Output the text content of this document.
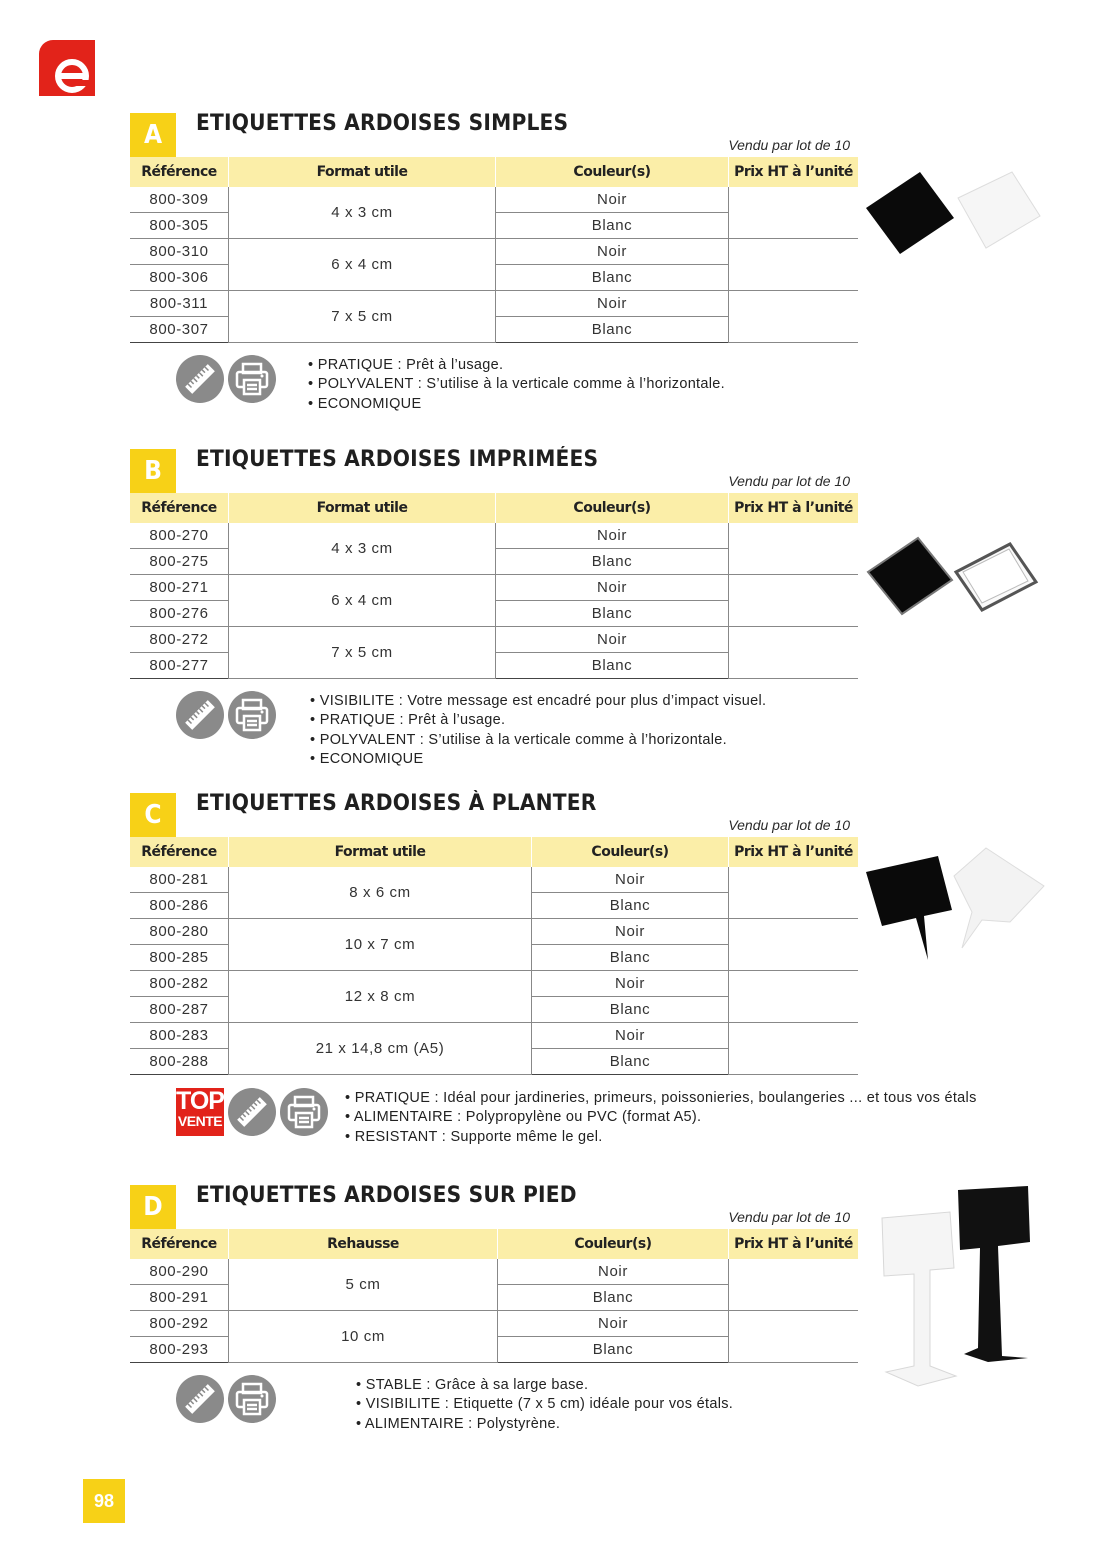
A	ETIQUETTES ARDOISES SIMPLES
Vendu par lot de 10
Référence	Format utile	Couleur(s)	Prix HT à l’unité
800-309	4 x 3 cm	Noir	
800-305		Blanc	
800-310	6 x 4 cm	Noir	
800-306		Blanc	
800-311	7 x 5 cm	Noir	
800-307		Blanc	
• PRATIQUE : Prêt à l’usage.
• POLYVALENT : S’utilise à la verticale comme à l’horizontale.
• ECONOMIQUE
B	ETIQUETTES ARDOISES IMPRIMÉES
Vendu par lot de 10
Référence	Format utile	Couleur(s)	Prix HT à l’unité
800-270	4 x 3 cm	Noir	
800-275		Blanc	
800-271	6 x 4 cm	Noir	
800-276		Blanc	
800-272	7 x 5 cm	Noir	
800-277		Blanc	
• VISIBILITE : Votre message est encadré pour plus d’impact visuel.
• PRATIQUE : Prêt à l’usage.
• POLYVALENT : S’utilise à la verticale comme à l’horizontale.
• ECONOMIQUE
C	ETIQUETTES ARDOISES À PLANTER
Vendu par lot de 10
Référence	Format utile	Couleur(s)	Prix HT à l’unité
800-281	8 x 6 cm	Noir	
800-286		Blanc	
800-280	10 x 7 cm	Noir	
800-285		Blanc	
800-282	12 x 8 cm	Noir	
800-287		Blanc	
800-283	21 x 14,8 cm (A5)	Noir	
800-288		Blanc	
TOP
VENTE
• PRATIQUE : Idéal pour jardineries, primeurs, poissonieries, boulangeries ... et tous vos étals
• ALIMENTAIRE : Polypropylène ou PVC (format A5).
• RESISTANT : Supporte même le gel.
D	ETIQUETTES ARDOISES SUR PIED
Vendu par lot de 10
Référence	Rehausse	Couleur(s)	Prix HT à l’unité
800-290	5 cm	Noir	
800-291		Blanc	
800-292	10 cm	Noir	
800-293		Blanc	
• STABLE : Grâce à sa large base.
• VISIBILITE : Etiquette (7 x 5 cm) idéale pour vos étals.
• ALIMENTAIRE : Polystyrène.
98
